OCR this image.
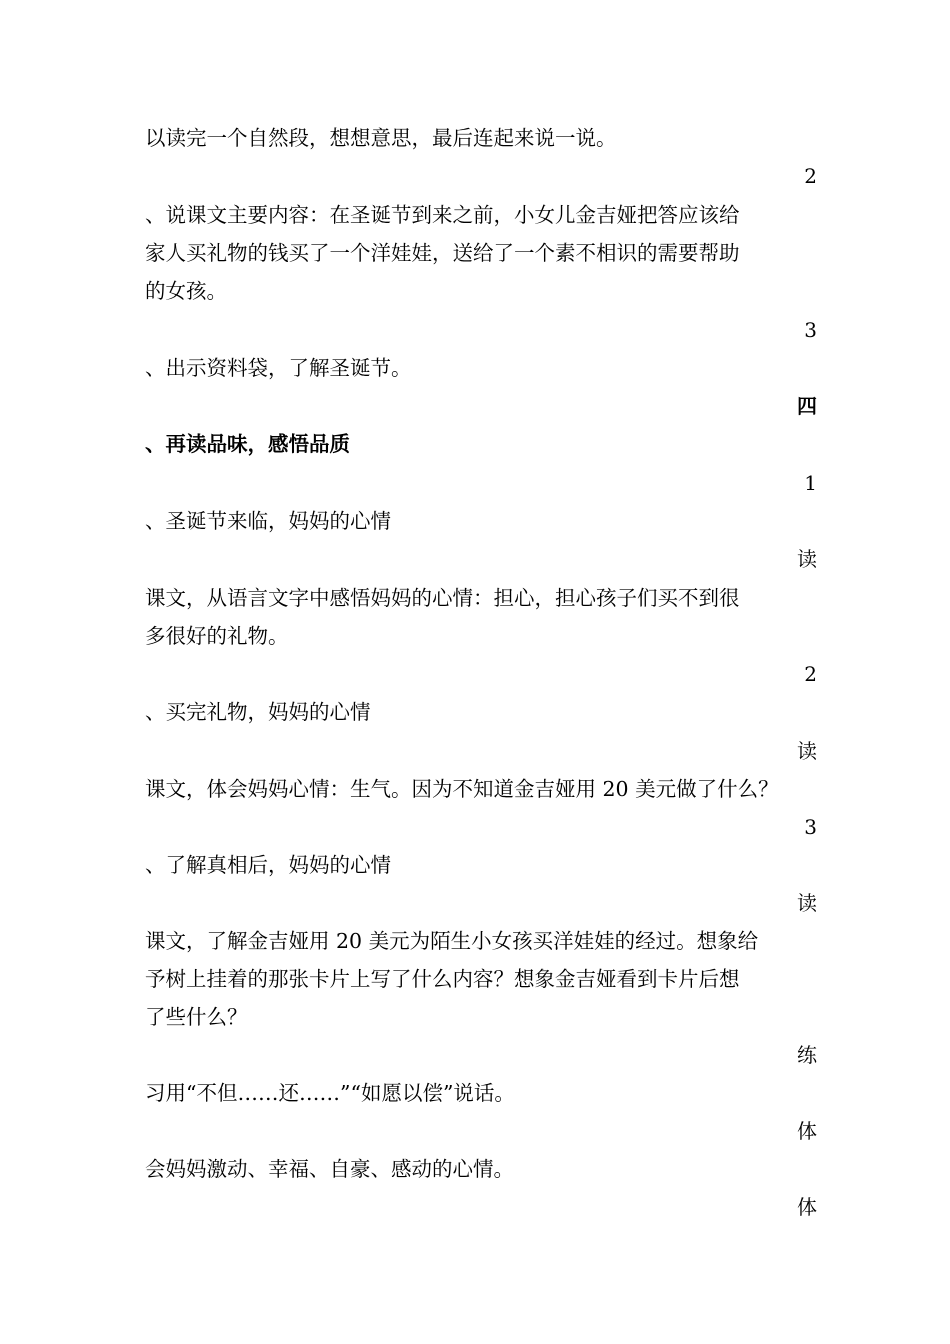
以读完一个自然段，想想意思，最后连起来说一说。
2
、说课文主要内容：在圣诞节到来之前，小女儿金吉娅把答应该给
家人买礼物的钱买了一个洋娃娃，送给了一个素不相识的需要帮助
的女孩。
3
、出示资料袋，了解圣诞节。
四
、再读品味，感悟品质
1
、圣诞节来临，妈妈的心情
读
课文，从语言文字中感悟妈妈的心情：担心，担心孩子们买不到很
多很好的礼物。
2
、买完礼物，妈妈的心情
读
课文，体会妈妈心情：生气。因为不知道金吉娅用 20 美元做了什么？
3
、了解真相后，妈妈的心情
读
课文，了解金吉娅用 20 美元为陌生小女孩买洋娃娃的经过。想象给
予树上挂着的那张卡片上写了什么内容？想象金吉娅看到卡片后想
了些什么？
练
习用“不但……还……”“如愿以偿”说话。
体
会妈妈激动、幸福、自豪、感动的心情。
体
